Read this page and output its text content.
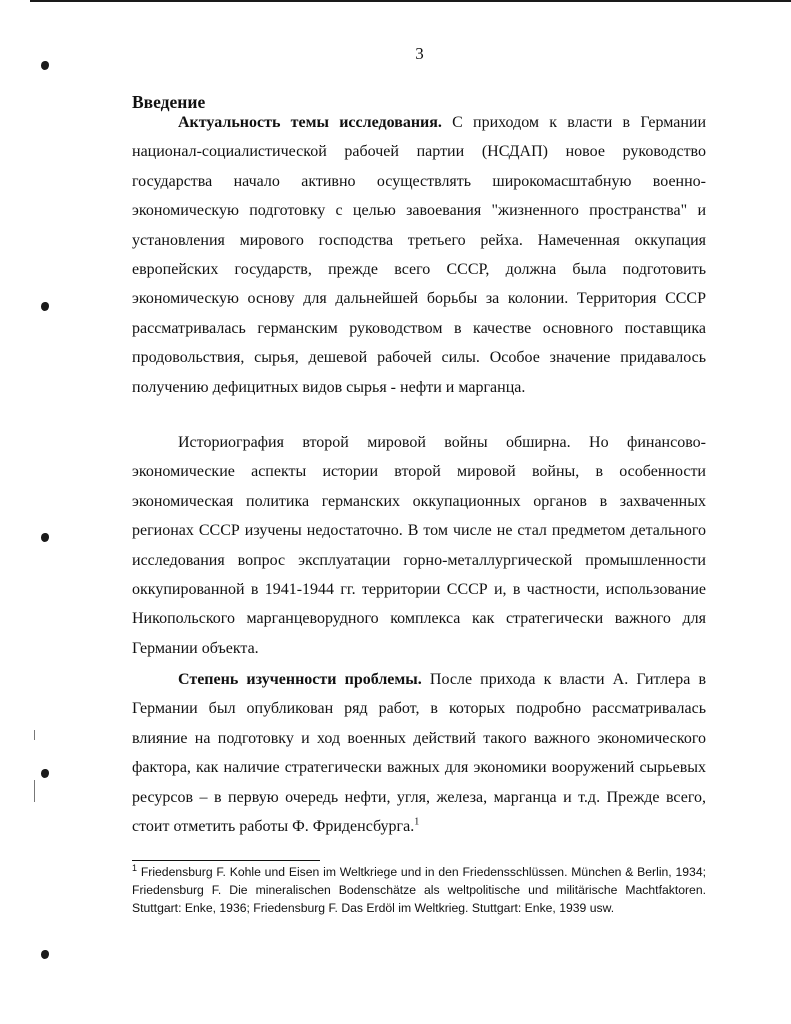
3
Введение

Актуальность темы исследования. С приходом к власти в Германии национал-социалистической рабочей партии (НСДАП) новое руководство государства начало активно осуществлять широкомасштабную военно-экономическую подготовку с целью завоевания "жизненного пространства" и установления мирового господства третьего рейха. Намеченная оккупация европейских государств, прежде всего СССР, должна была подготовить экономическую основу для дальнейшей борьбы за колонии. Территория СССР рассматривалась германским руководством в качестве основного поставщика продовольствия, сырья, дешевой рабочей силы. Особое значение придавалось получению дефицитных видов сырья - нефти и марганца.

Историография второй мировой войны обширна. Но финансово-экономические аспекты истории второй мировой войны, в особенности экономическая политика германских оккупационных органов в захваченных регионах СССР изучены недостаточно. В том числе не стал предметом детального исследования вопрос эксплуатации горно-металлургической промышленности оккупированной в 1941-1944 гг. территории СССР и, в частности, использование Никопольского марганцеворудного комплекса как стратегически важного для Германии объекта.

Степень изученности проблемы. После прихода к власти А. Гитлера в Германии был опубликован ряд работ, в которых подробно рассматривалась влияние на подготовку и ход военных действий такого важного экономического фактора, как наличие стратегически важных для экономики вооружений сырьевых ресурсов – в первую очередь нефти, угля, железа, марганца и т.д. Прежде всего, стоит отметить работы Ф. Фриденсбурга.$^1$

$^1$ Friedensburg F. Kohle und Eisen im Weltkriege und in den Friedensschlüssen. München & Berlin, 1934; Friedensburg F. Die mineralischen Bodenschätze als weltpolitische und militärische Machtfaktoren. Stuttgart: Enke, 1936; Friedensburg F. Das Erdöl im Weltkrieg. Stuttgart: Enke, 1939 usw.
